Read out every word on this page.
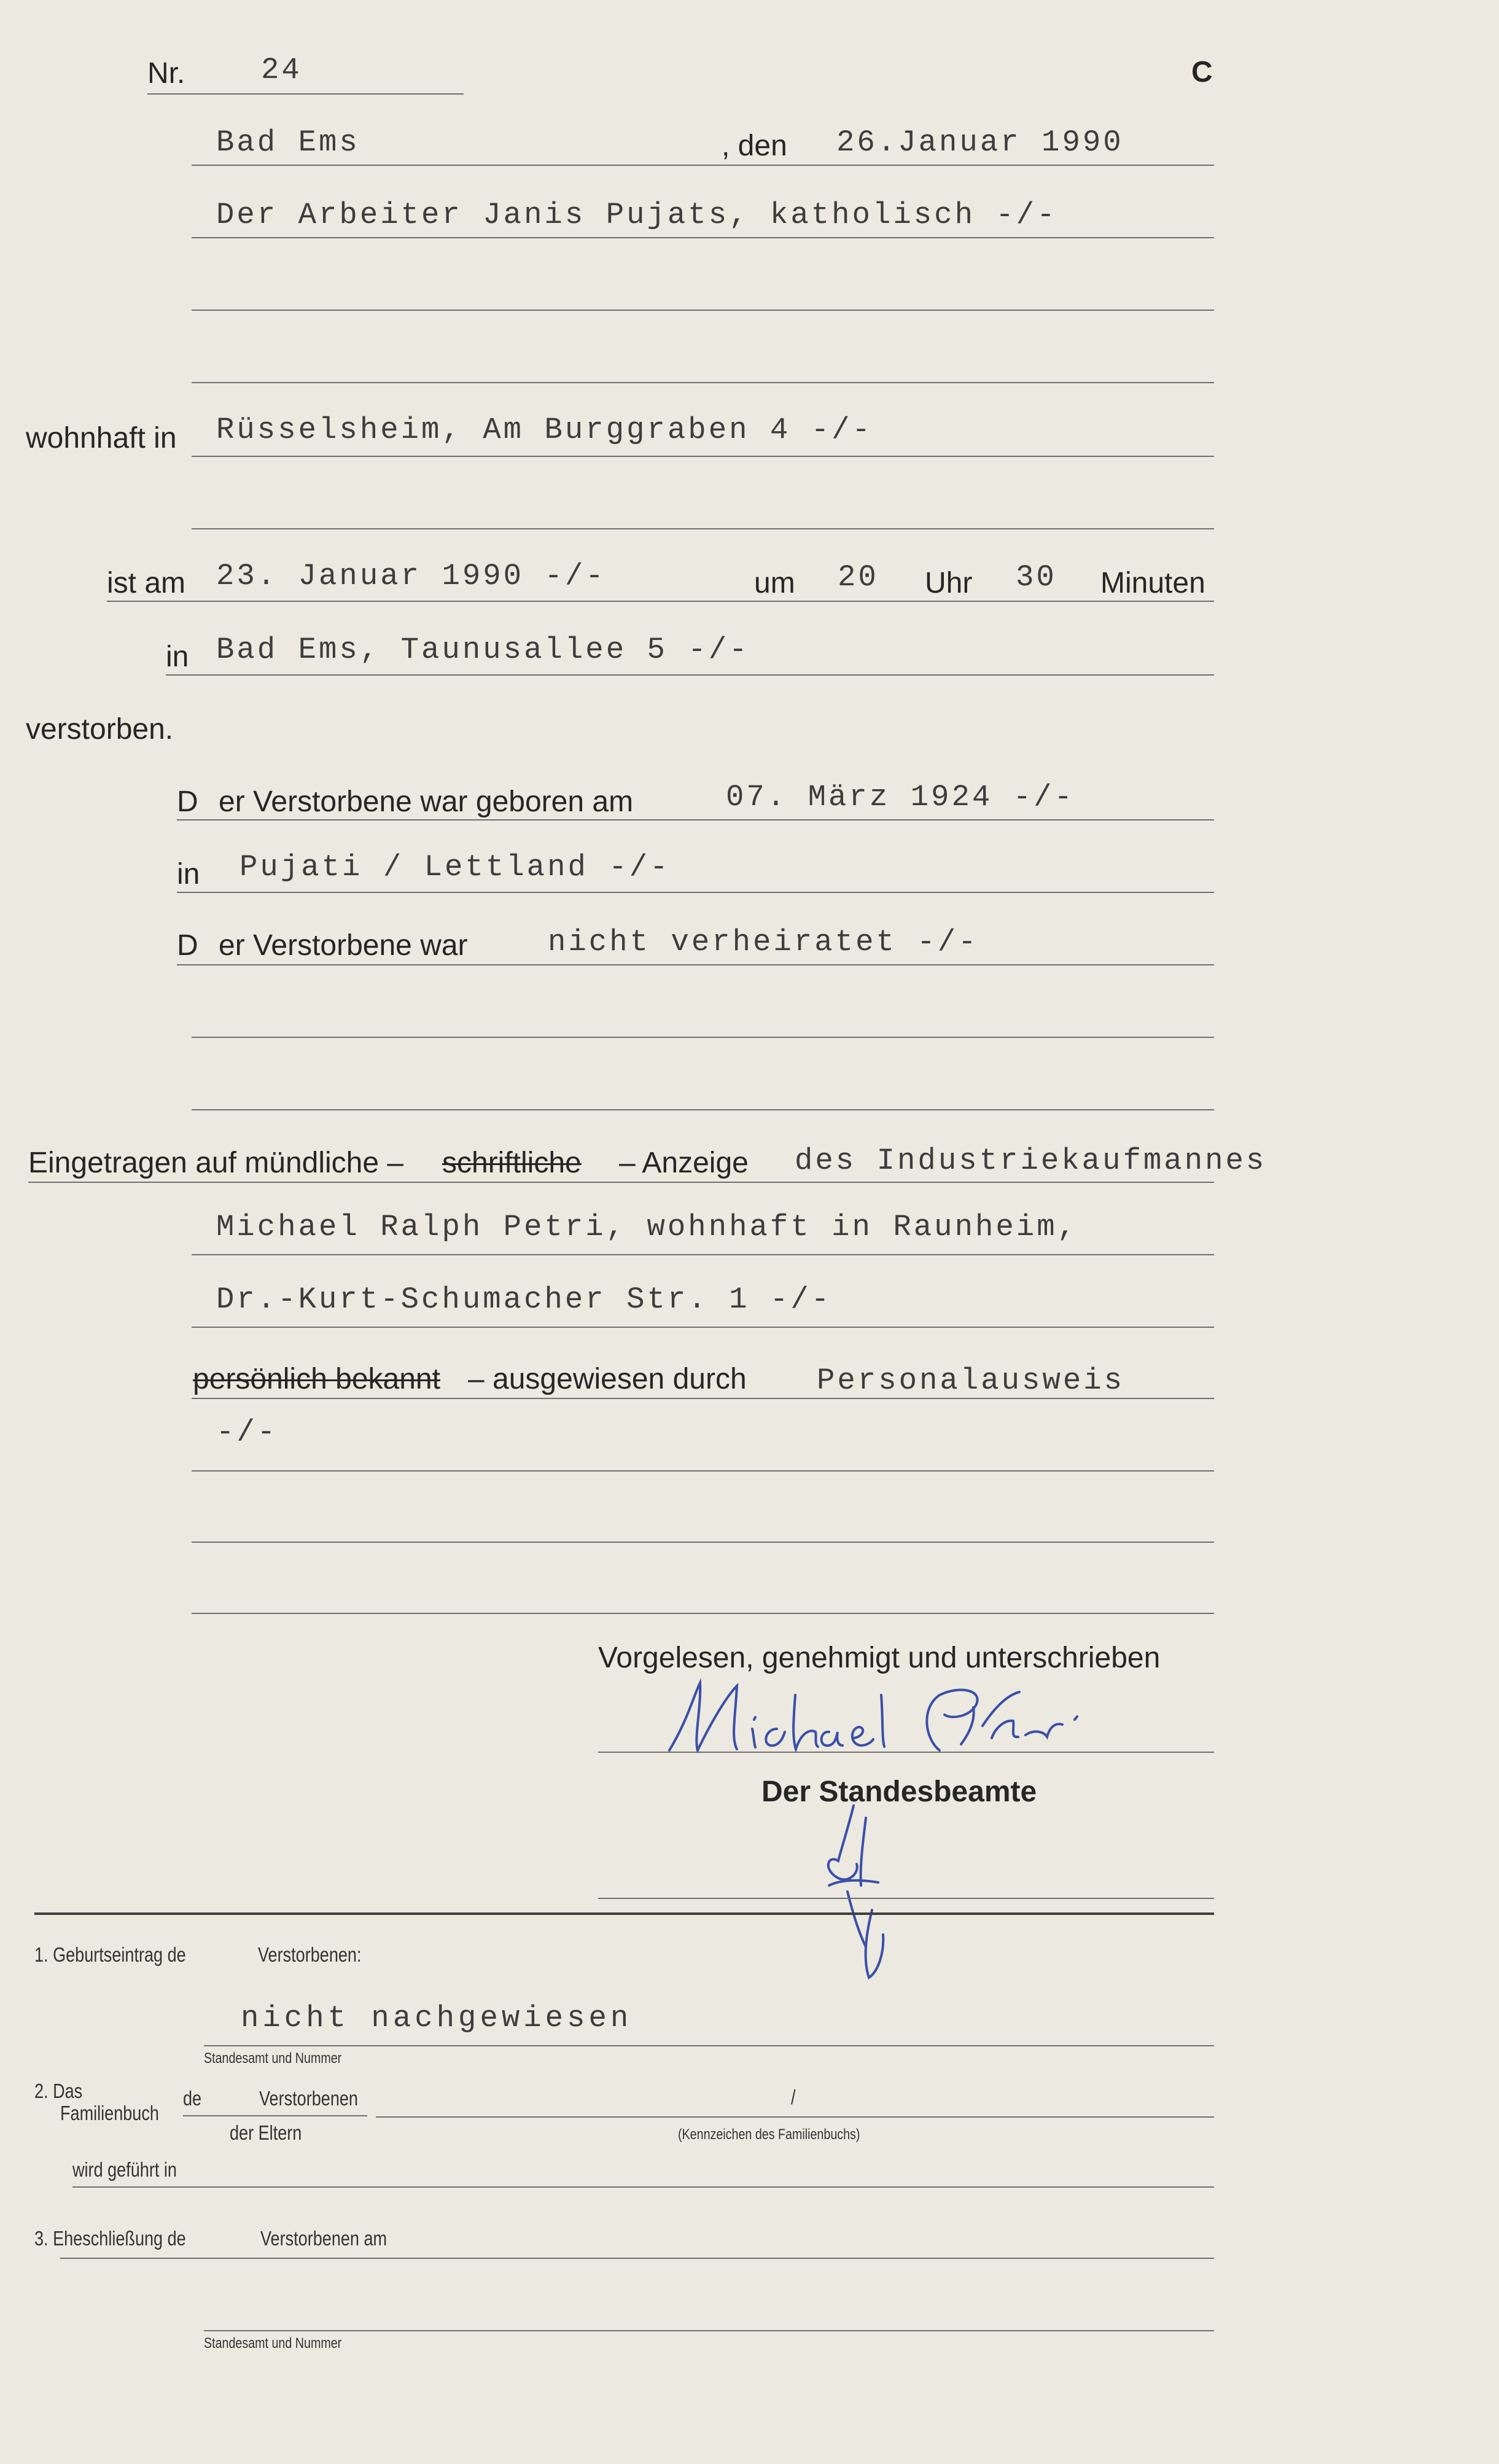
Nr.	24	C
Bad Ems	, den 26.Januar 1990
Der Arbeiter Janis Pujats, katholisch -/-
wohnhaft in Rüsselsheim, Am Burggraben 4 -/-
ist am 23. Januar 1990 -/-	um 20 Uhr 30 Minuten
in Bad Ems, Taunusallee 5 -/-
verstorben.
D er Verstorbene war geboren am	07. März 1924 -/-
in Pujati / Lettland -/-
D er Verstorbene war	nicht verheiratet -/-
Eingetragen auf mündliche – schriftliche – Anzeige des Industriekaufmannes
Michael Ralph Petri, wohnhaft in Raunheim,
Dr.-Kurt-Schumacher Str. 1 -/-
persönlich bekannt – ausgewiesen durch Personalausweis
-/-
Vorgelesen, genehmigt und unterschrieben
Der Standesbeamte
1. Geburtseintrag de	Verstorbenen:
nicht nachgewiesen
Standesamt und Nummer
2. Das
Familienbuch
de	Verstorbenen
der Eltern
/
(Kennzeichen des Familienbuchs)
wird geführt in
3. Eheschließung de	Verstorbenen am
Standesamt und Nummer
